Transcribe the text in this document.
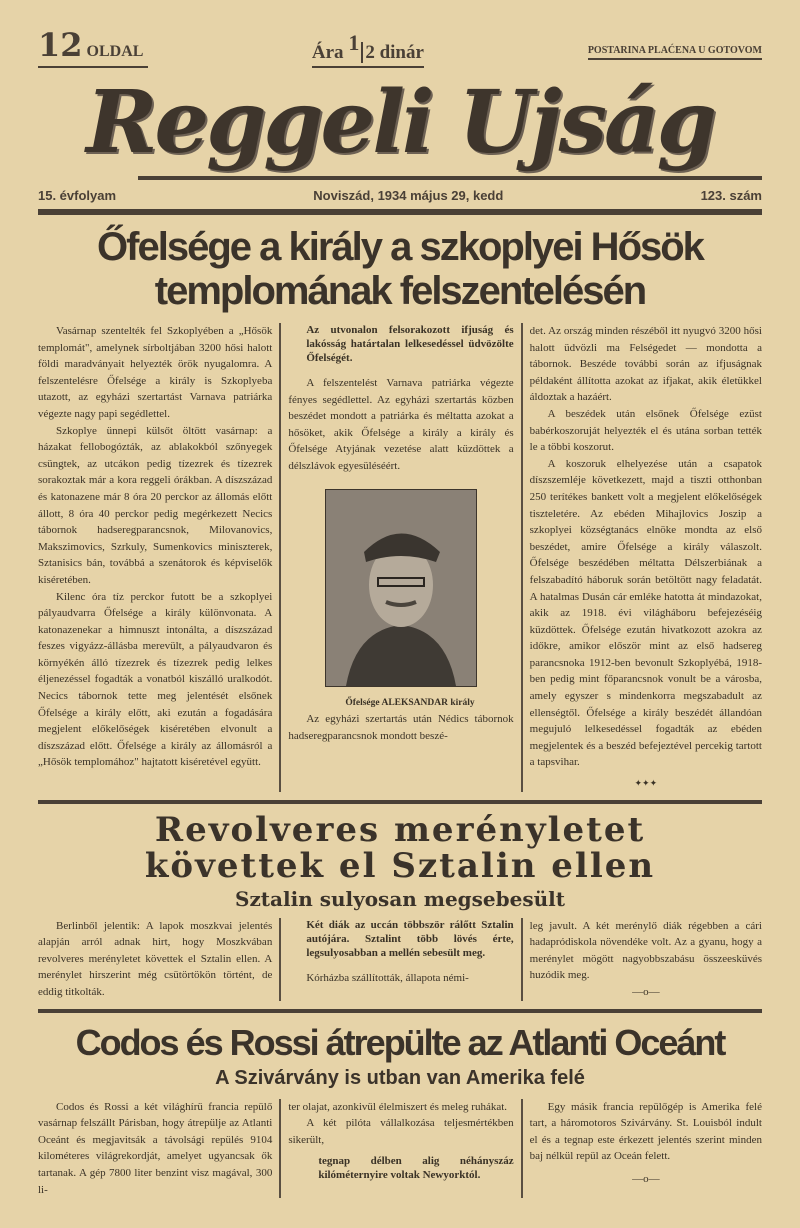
12 OLDAL	Ára 1 2 dinár	POSTARINA PLAĆENA U GOTOVOM
Reggeli Ujság
15. évfolyam	Noviszád, 1934 május 29, kedd	123. szám
Őfelsége a király a szkoplyei Hősök
templomának felszentelésén

Vasárnap szentelték fel Szkoplyében a „Hősök templomát", amelynek sírboltjában 3200 hősi halott földi maradványait helyezték örök nyugalomra. A felszentelésre Őfelsége a király is Szkoplyeba utazott, az egyházi szertartást Varnava patriárka végezte nagy papi segédlettel.

Szkoplye ünnepi külsőt öltött vasárnap: a házakat fellobogózták, az ablakokból szőnyegek csüngtek, az utcákon pedig tízezrek és tízezrek sorakoztak már a kora reggeli órákban. A díszszázad és katonazene már 8 óra 20 perckor az állomás előtt állott, 8 óra 40 perckor pedig megérkezett Necics tábornok hadseregparancsnok, Milovanovics, Makszimovics, Szrkuly, Sumenkovics miniszterek, Sztanisics bán, továbbá a szenátorok és képviselők kiséretében.

Kilenc óra tíz perckor futott be a szkoplyei pályaudvarra Őfelsége a király különvonata. A katonazenekar a himnuszt intonálta, a díszszázad feszes vigyázz-állásba merevült, a pályaudvaron és környékén álló tízezrek és tízezrek pedig lelkes éljenezéssel fogadták a vonatból kiszálló uralkodót. Necics tábornok tette meg jelentését elsőnek Őfelsége a király előtt, aki ezután a fogadására megjelent előkelőségek kiséretében elvonult a díszszázad előtt. Őfelsége a király az állomásról a „Hősök templomához" hajtatott kiséretével együtt.

Az utvonalon felsorakozott ifjuság és lakósság határtalan lelkesedéssel üdvözölte Őfelségét.

A felszentelést Varnava patriárka végezte fényes segédlettel. Az egyházi szertartás közben beszédet mondott a patriárka és méltatta azokat a hősöket, akik Őfelsége a király a király és Őfelsége Atyjának vezetése alatt küzdöttek a délszlávok egyesüléséért.

Őfelsége ALEKSANDAR király

Az egyházi szertartás után Nédics tábornok hadseregparancsnok mondott beszé-

det. Az ország minden részéből itt nyugvó 3200 hősi halott üdvözli ma Felségedet — mondotta a tábornok. Beszéde további során az ifjuságnak példaként állította azokat az ifjakat, akik életükkel áldoztak a hazáért.

A beszédek után elsőnek Őfelsége ezüst babérkoszoruját helyezték el és utána sorban tették le a többi koszorut.

A koszoruk elhelyezése után a csapatok díszszemléje következett, majd a tiszti otthonban 250 terítékes bankett volt a megjelent előkelőségek tiszteletére. Az ebéden Mihajlovics Joszip a szkoplyei községtanács elnöke mondta az első beszédet, amire Őfelsége a király válaszolt. Őfelsége beszédében méltatta Délszerbiának a felszabadító háboruk során betöltött nagy feladatát. A hatalmas Dusán cár emléke hatotta át mindazokat, akik az 1918. évi világháboru befejezéséig küzdöttek. Őfelsége ezután hivatkozott azokra az időkre, amikor először mint az első hadsereg parancsnoka 1912-ben bevonult Szkoplyébá, 1918-ben pedig mint főparancsnok vonult be a városba, amely egyszer s mindenkorra megszabadult az ellenségtől. Őfelsége a király beszédét állandóan megujuló lelkesedéssel fogadták az ebéden megjelentek és a beszéd befejeztével percekig tartott a tapsvihar.

✦✦✦

Revolveres merényletet
követtek el Sztalin ellen
Sztalin sulyosan megsebesült

Berlinből jelentik: A lapok moszkvai jelentés alapján arról adnak hirt, hogy Moszkvában revolveres merényletet követtek el Sztalin ellen. A merénylet hirszerint még csütörtökön történt, de eddig titkolták.

Két diák az uccán többször rálőtt Sztalin autójára. Sztalint több lövés érte, legsulyosabban a mellén sebesült meg.

Kórházba szállították, állapota némi-

leg javult. A két merénylő diák régebben a cári hadapródiskola növendéke volt. Az a gyanu, hogy a merénylet mögött nagyobbszabásu összeesküvés huzódik meg.

—o—

Codos és Rossi átrepülte az Atlanti Oceánt
A Szivárvány is utban van Amerika felé

Codos és Rossi a két világhírü francia repülő vasárnap felszállt Párisban, hogy átrepülje az Atlanti Oceánt és megjavitsák a távolsági repülés 9104 kilométeres világrekordját, amelyet ugyancsak ők tartanak. A gép 7800 liter benzint visz magával, 300 li-

ter olajat, azonkivül élelmiszert és meleg ruhákat.

A két pilóta vállalkozása teljesmértékben sikerült,

tegnap délben alig néhányszáz kilóméternyire voltak Newyorktól.

Egy másik francia repülőgép is Amerika felé tart, a háromotoros Szivárvány. St. Louisból indult el és a tegnap este érkezett jelentés szerint minden baj nélkül repül az Oceán felett.

—o—
